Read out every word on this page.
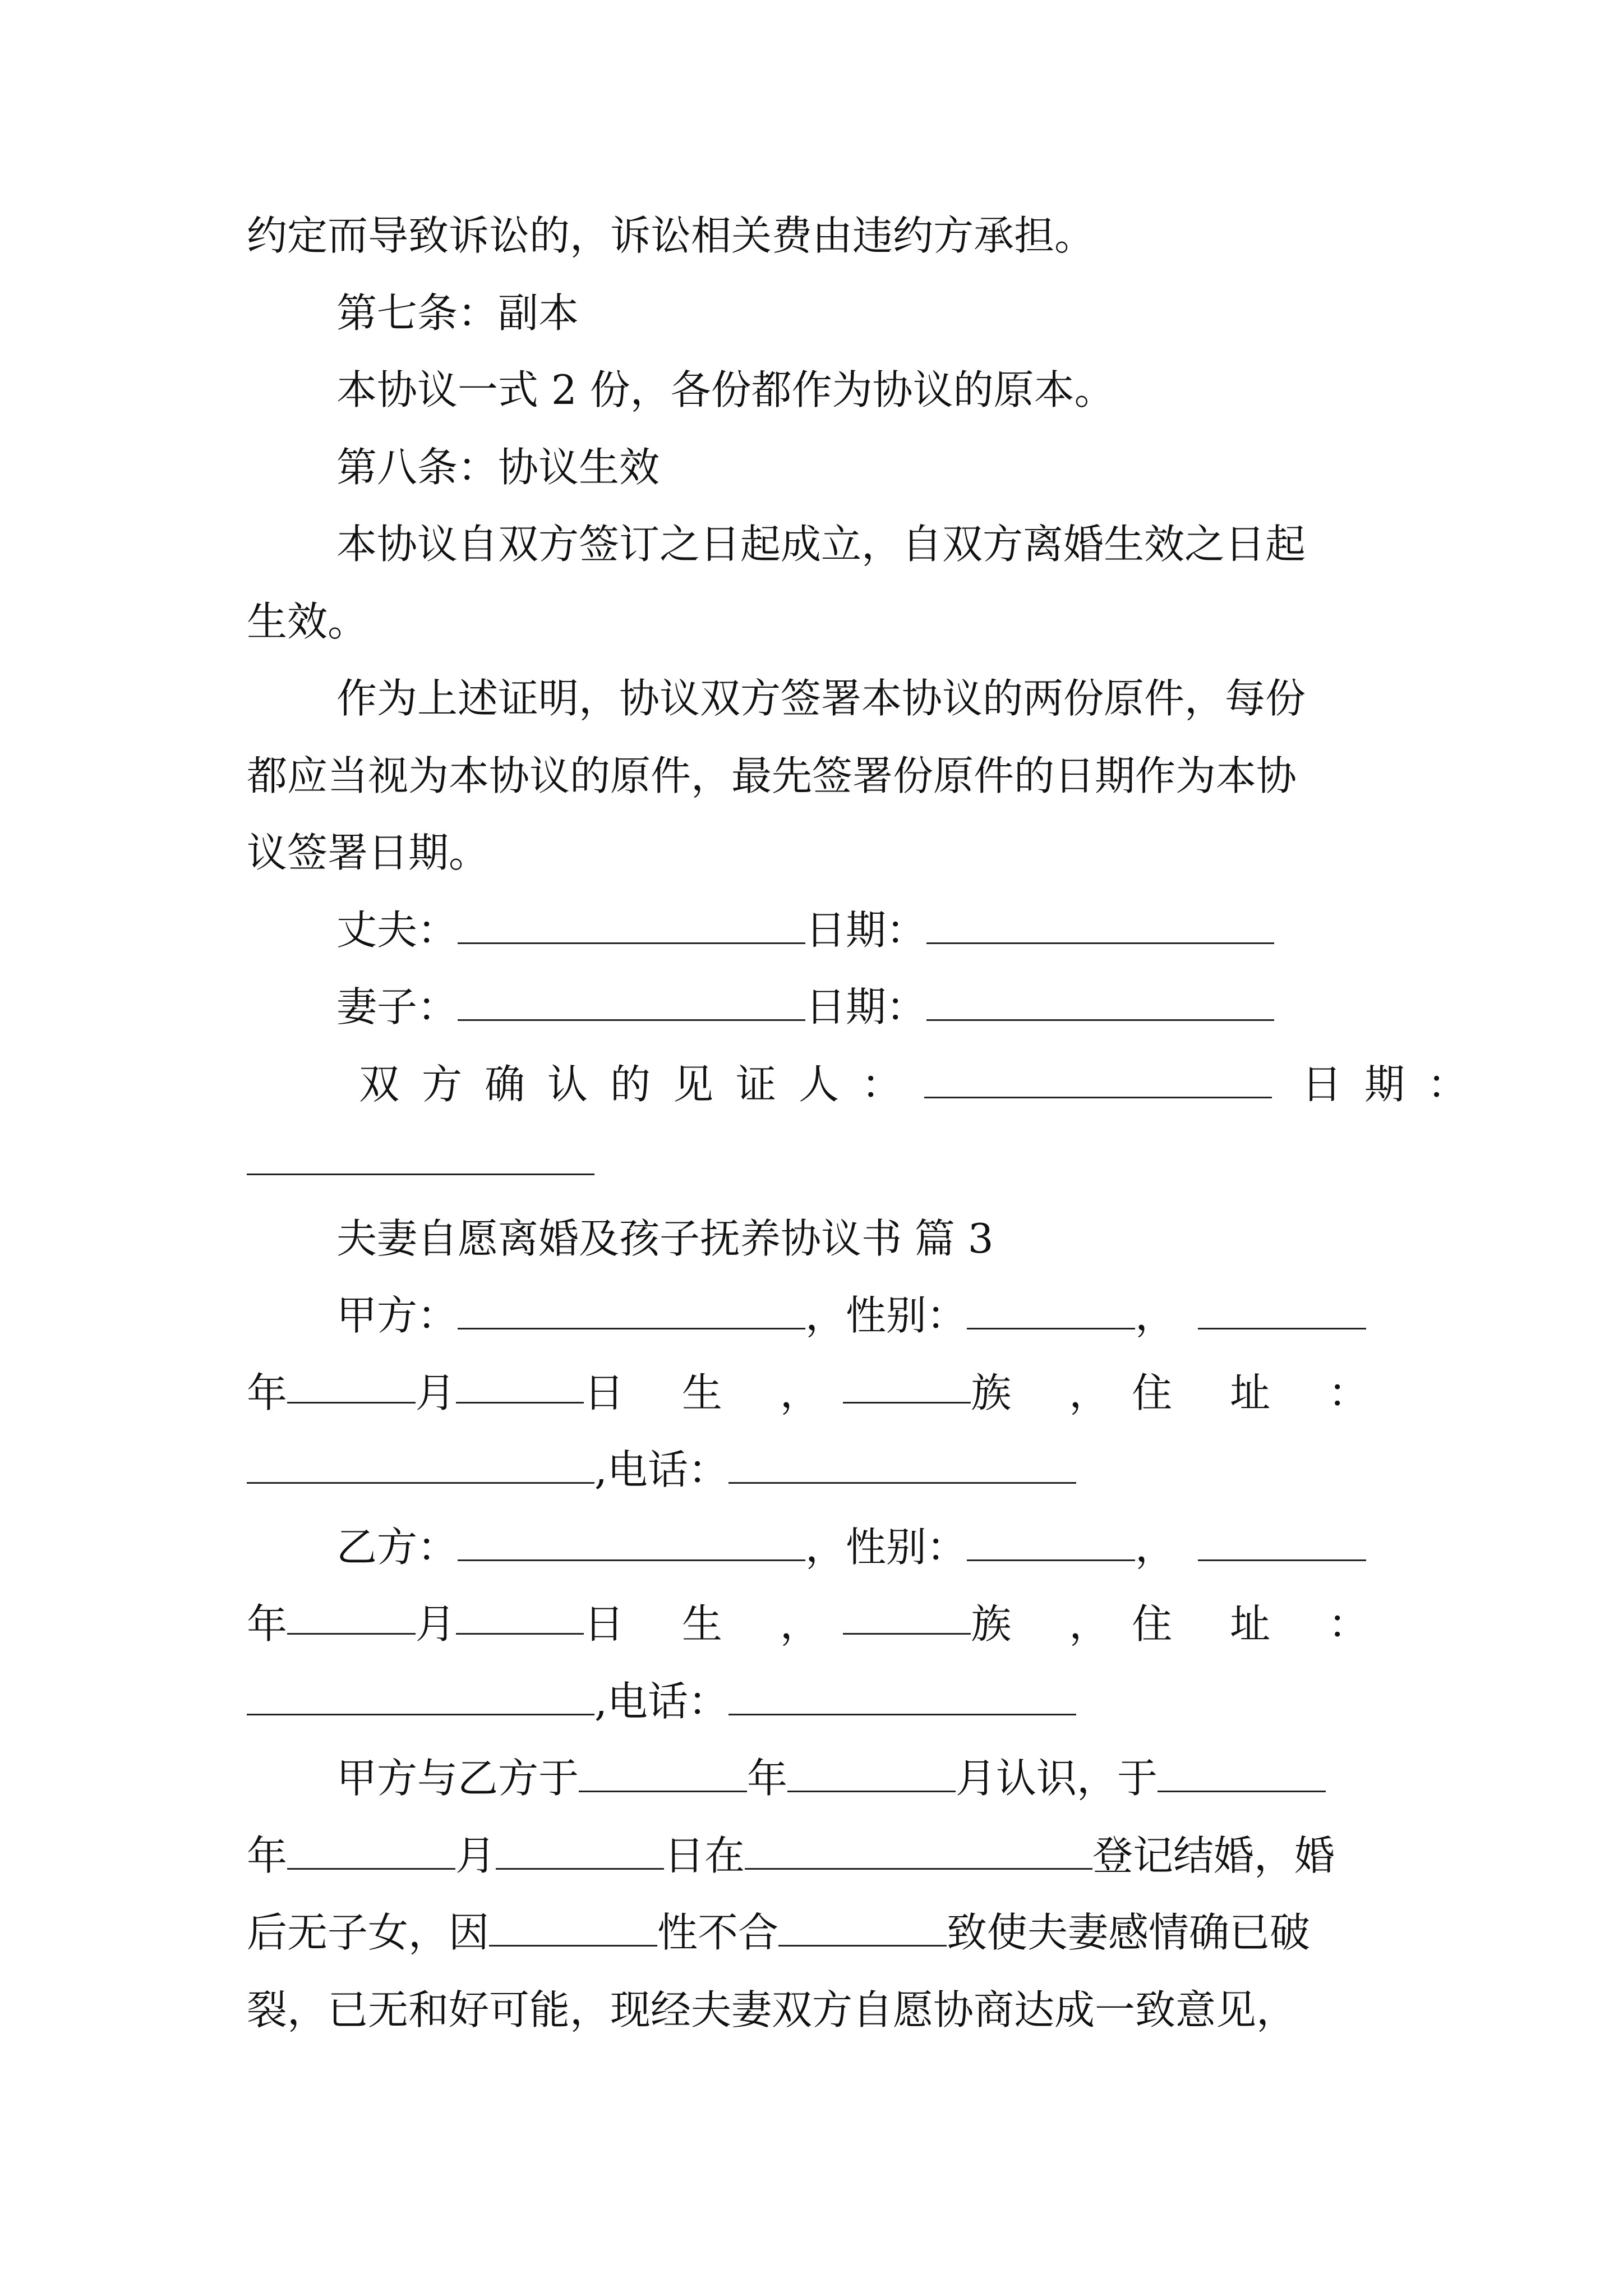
约定而导致诉讼的，诉讼相关费由违约方承担。
第七条：副本
本协议一式 2 份，各份都作为协议的原本。
第八条：协议生效
本协议自双方签订之日起成立，自双方离婚生效之日起
生效。
作为上述证明，协议双方签署本协议的两份原件，每份
都应当视为本协议的原件，最先签署份原件的日期作为本协
议签署日期。
丈夫：	日期：
妻子：	日期：
双方确认的见证人：	日期：
夫妻自愿离婚及孩子抚养协议书 篇 3
甲方：	，性别：	，
年	月	日 生 ，	族 ， 住 址 ：
,电话：
乙方：	，性别：	，
年	月	日 生 ，	族 ， 住 址 ：
,电话：
甲方与乙方于	年	月认识，于
年	月	日在	登记结婚，婚
后无子女，因	性不合	致使夫妻感情确已破
裂，已无和好可能，现经夫妻双方自愿协商达成一致意见，
